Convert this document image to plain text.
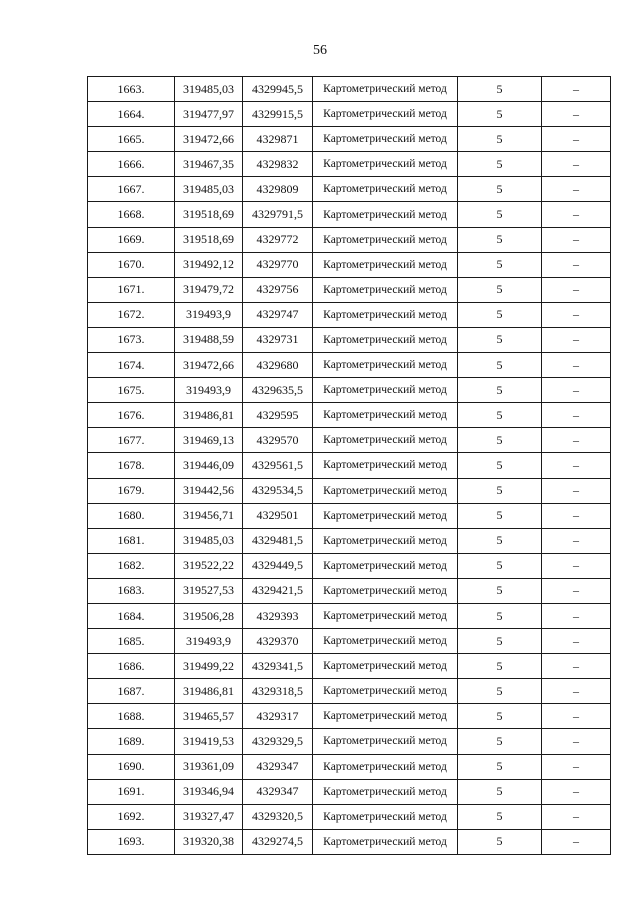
56
1663.	319485,03	4329945,5	Картометрический метод	5	–
1664.	319477,97	4329915,5	Картометрический метод	5	–
1665.	319472,66	4329871	Картометрический метод	5	–
1666.	319467,35	4329832	Картометрический метод	5	–
1667.	319485,03	4329809	Картометрический метод	5	–
1668.	319518,69	4329791,5	Картометрический метод	5	–
1669.	319518,69	4329772	Картометрический метод	5	–
1670.	319492,12	4329770	Картометрический метод	5	–
1671.	319479,72	4329756	Картометрический метод	5	–
1672.	319493,9	4329747	Картометрический метод	5	–
1673.	319488,59	4329731	Картометрический метод	5	–
1674.	319472,66	4329680	Картометрический метод	5	–
1675.	319493,9	4329635,5	Картометрический метод	5	–
1676.	319486,81	4329595	Картометрический метод	5	–
1677.	319469,13	4329570	Картометрический метод	5	–
1678.	319446,09	4329561,5	Картометрический метод	5	–
1679.	319442,56	4329534,5	Картометрический метод	5	–
1680.	319456,71	4329501	Картометрический метод	5	–
1681.	319485,03	4329481,5	Картометрический метод	5	–
1682.	319522,22	4329449,5	Картометрический метод	5	–
1683.	319527,53	4329421,5	Картометрический метод	5	–
1684.	319506,28	4329393	Картометрический метод	5	–
1685.	319493,9	4329370	Картометрический метод	5	–
1686.	319499,22	4329341,5	Картометрический метод	5	–
1687.	319486,81	4329318,5	Картометрический метод	5	–
1688.	319465,57	4329317	Картометрический метод	5	–
1689.	319419,53	4329329,5	Картометрический метод	5	–
1690.	319361,09	4329347	Картометрический метод	5	–
1691.	319346,94	4329347	Картометрический метод	5	–
1692.	319327,47	4329320,5	Картометрический метод	5	–
1693.	319320,38	4329274,5	Картометрический метод	5	–
